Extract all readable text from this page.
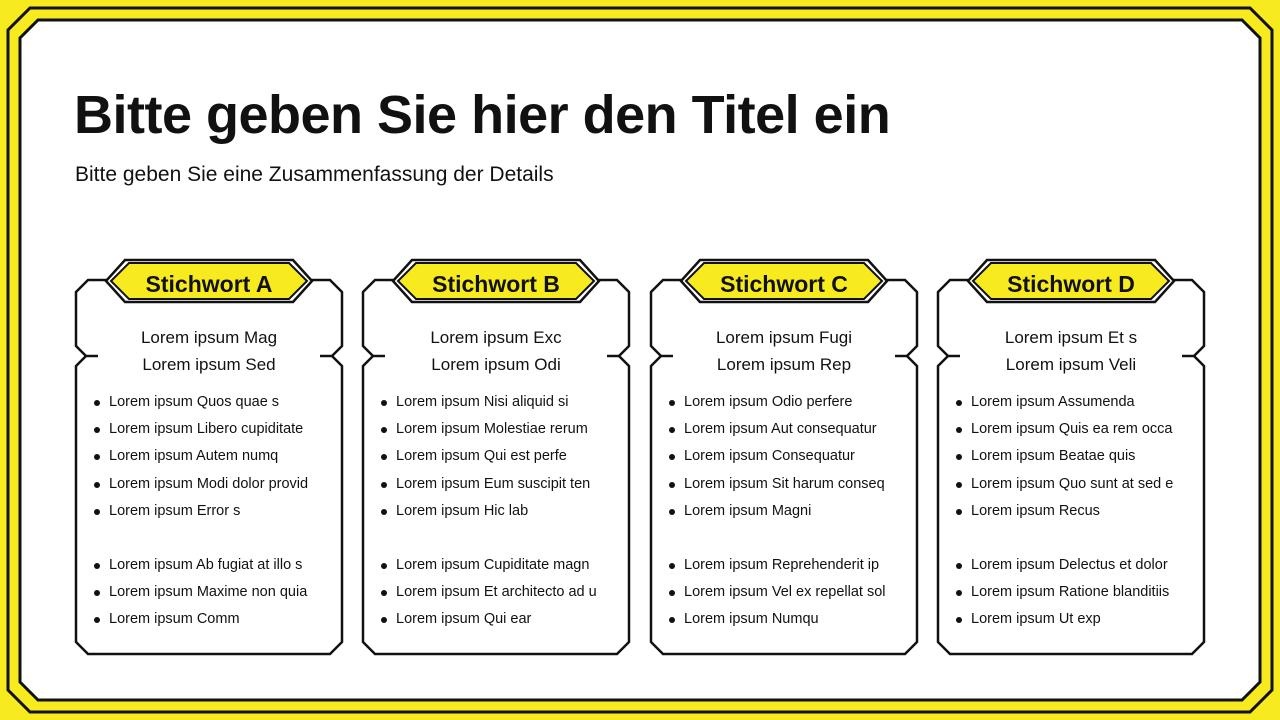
Bitte geben Sie hier den Titel ein
Bitte geben Sie eine Zusammenfassung der Details
Stichwort A
Lorem ipsum Mag
Lorem ipsum Sed
Lorem ipsum Quos quae s
Lorem ipsum Libero cupiditate
Lorem ipsum Autem numq
Lorem ipsum Modi dolor provid
Lorem ipsum Error s
Lorem ipsum Ab fugiat at illo s
Lorem ipsum Maxime non quia
Lorem ipsum Comm
Stichwort B
Lorem ipsum Exc
Lorem ipsum Odi
Lorem ipsum Nisi aliquid si
Lorem ipsum Molestiae rerum
Lorem ipsum Qui est perfe
Lorem ipsum Eum suscipit ten
Lorem ipsum Hic lab
Lorem ipsum Cupiditate magn
Lorem ipsum Et architecto ad u
Lorem ipsum Qui ear
Stichwort C
Lorem ipsum Fugi
Lorem ipsum Rep
Lorem ipsum Odio perfere
Lorem ipsum Aut consequatur
Lorem ipsum Consequatur
Lorem ipsum Sit harum conseq
Lorem ipsum Magni
Lorem ipsum Reprehenderit ip
Lorem ipsum Vel ex repellat sol
Lorem ipsum Numqu
Stichwort D
Lorem ipsum Et s
Lorem ipsum Veli
Lorem ipsum Assumenda
Lorem ipsum Quis ea rem occa
Lorem ipsum Beatae quis
Lorem ipsum Quo sunt at sed e
Lorem ipsum Recus
Lorem ipsum Delectus et dolor
Lorem ipsum Ratione blanditiis
Lorem ipsum Ut exp
